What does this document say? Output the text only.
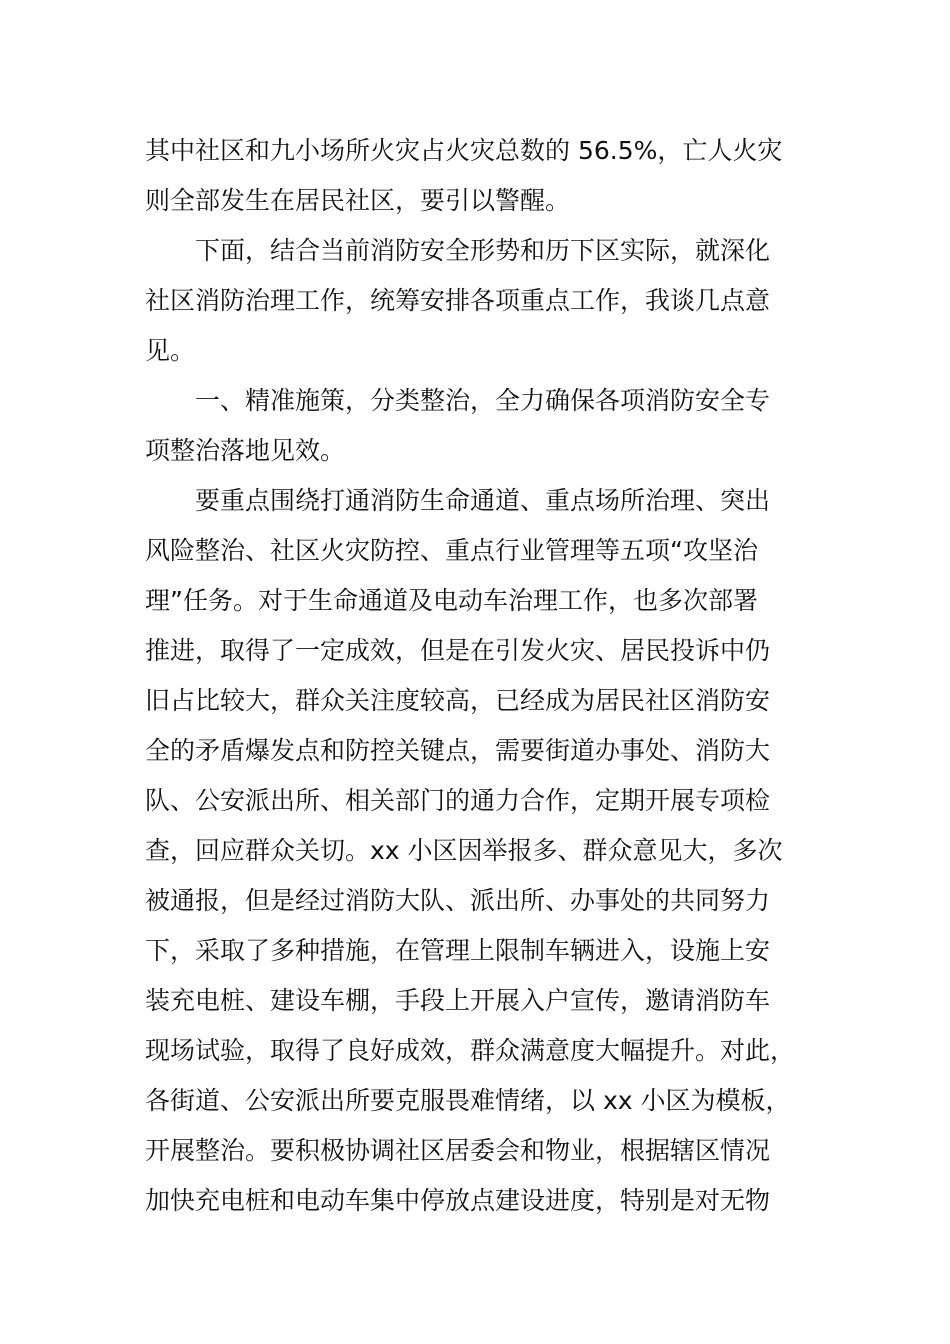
其中社区和九小场所火灾占火灾总数的 56.5%，亡人火灾
则全部发生在居民社区，要引以警醒。
下面，结合当前消防安全形势和历下区实际，就深化
社区消防治理工作，统筹安排各项重点工作，我谈几点意
见。
一、精准施策，分类整治，全力确保各项消防安全专
项整治落地见效。
要重点围绕打通消防生命通道、重点场所治理、突出
风险整治、社区火灾防控、重点行业管理等五项“攻坚治
理”任务。对于生命通道及电动车治理工作，也多次部署
推进，取得了一定成效，但是在引发火灾、居民投诉中仍
旧占比较大，群众关注度较高，已经成为居民社区消防安
全的矛盾爆发点和防控关键点，需要街道办事处、消防大
队、公安派出所、相关部门的通力合作，定期开展专项检
查，回应群众关切。xx 小区因举报多、群众意见大，多次
被通报，但是经过消防大队、派出所、办事处的共同努力
下，采取了多种措施，在管理上限制车辆进入，设施上安
装充电桩、建设车棚，手段上开展入户宣传，邀请消防车
现场试验，取得了良好成效，群众满意度大幅提升。对此，
各街道、公安派出所要克服畏难情绪，以 xx 小区为模板，
开展整治。要积极协调社区居委会和物业，根据辖区情况
加快充电桩和电动车集中停放点建设进度，特别是对无物
